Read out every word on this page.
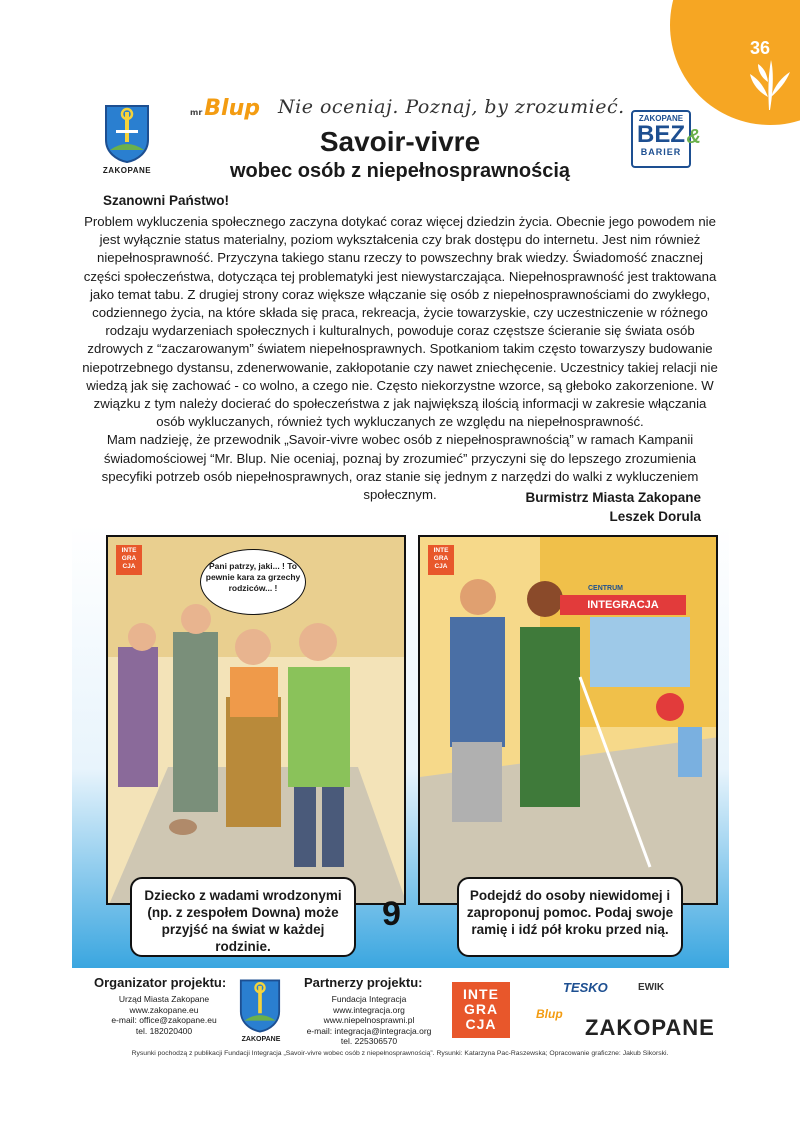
36
ZAKOPANE
mrBlup Nie oceniaj. Poznaj, by zrozumieć.
Savoir-vivre
wobec osób z niepełnosprawnością
ZAKOPANE
BEZ
BARIER
&
Szanowni Państwo!

Problem wykluczenia społecznego zaczyna dotykać coraz więcej dziedzin życia. Obecnie jego powodem nie jest wyłącznie status materialny, poziom wykształcenia czy brak dostępu do internetu. Jest nim również niepełnosprawność. Przyczyna takiego stanu rzeczy to powszechny brak wiedzy. Świadomość znacznej części społeczeństwa, dotycząca tej problematyki jest niewystarczająca. Niepełnosprawność jest traktowana jako temat tabu. Z drugiej strony coraz większe włączanie się osób z niepełnosprawnościami do zwykłego, codziennego życia, na które składa się praca, rekreacja, życie towarzyskie, czy uczestniczenie w różnego rodzaju wydarzeniach społecznych i kulturalnych, powoduje coraz częstsze ścieranie się świata osób zdrowych z “zaczarowanym” światem niepełnosprawnych. Spotkaniom takim często towarzyszy budowanie niepotrzebnego dystansu, zdenerwowanie, zakłopotanie czy nawet zniechęcenie. Uczestnicy takiej relacji nie wiedzą jak się zachować - co wolno, a czego nie. Często niekorzystne wzorce, są głeboko zakorzenione. W związku z tym należy docierać do społeczeństwa z jak największą ilością informacji w zakresie włączania osób wykluczanych, również tych wykluczanych ze względu na niepełnosprawność.

Mam nadzieję, że przewodnik „Savoir-vivre wobec osób z niepełnosprawnością” w ramach Kampanii świadomościowej “Mr. Blup. Nie oceniaj, poznaj by zrozumieć” przyczyni się do lepszego zrozumienia specyfiki potrzeb osób niepełnosprawnych, oraz stanie się jednym z narzędzi do walki z wykluczeniem społecznym.	Burmistrz Miasta Zakopane
Leszek Dorula
INTE GRA CJA	Pani patrzy, jaki... ! To pewnie kara za grzechy rodziców... !
INTE GRA CJA
CENTRUM
INTEGRACJA
Dziecko z wadami wrodzonymi (np. z zespołem Downa) może przyjść na świat w każdej rodzinie.
9	Podejdź do osoby niewidomej i zaproponuj pomoc. Podaj swoje ramię i idź pół kroku przed nią.
Organizator projektu:
Urząd Miasta Zakopane
www.zakopane.eu
e-mail: office@zakopane.eu
tel. 182020400
ZAKOPANE
Partnerzy projektu:
Fundacja Integracja
www.integracja.org
www.niepelnosprawni.pl
e-mail: integracja@integracja.org
tel. 225306570
INTE GRA CJA
TESKO	EWIK
Blup
ZAKOPANE
Rysunki pochodzą z publikacji Fundacji Integracja „Savoir-vivre wobec osób z niepełnosprawnością”. Rysunki: Katarzyna Pac-Raszewska; Opracowanie graficzne: Jakub Sikorski.
